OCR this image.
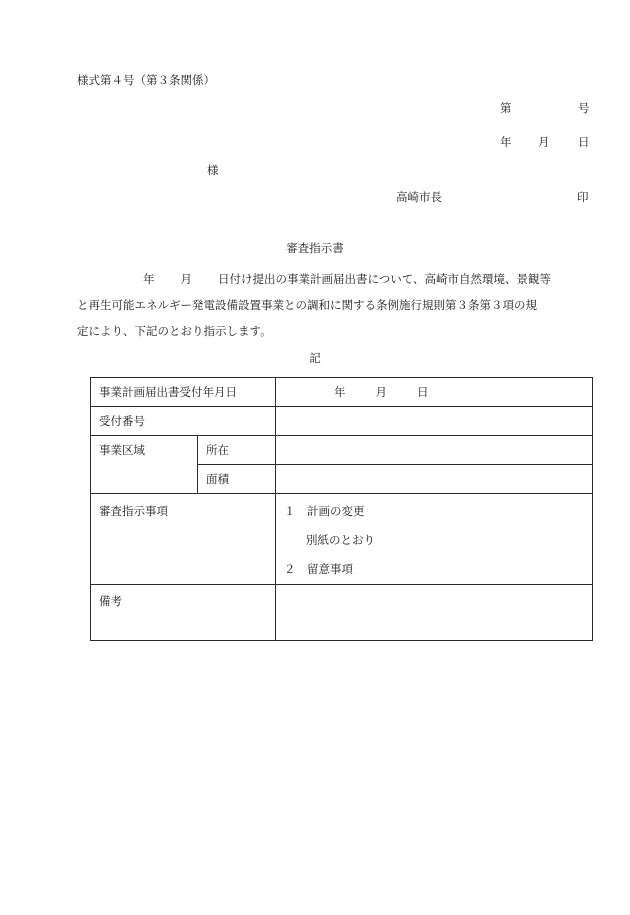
様式第４号（第３条関係）
第	号
年 月 日
様
高崎市長	印
審査指示書
年 月 日付け提出の事業計画届出書について、高崎市自然環境、景観等
と再生可能エネルギー発電設備設置事業との調和に関する条例施行規則第３条第３項の規
定により、下記のとおり指示します。
記
事業計画届出書受付年月日		年 月 日
受付番号		
事業区域	所在	
	面積	
審査指示事項		１　計画の変更
別紙のとおり
２　留意事項

備考		
